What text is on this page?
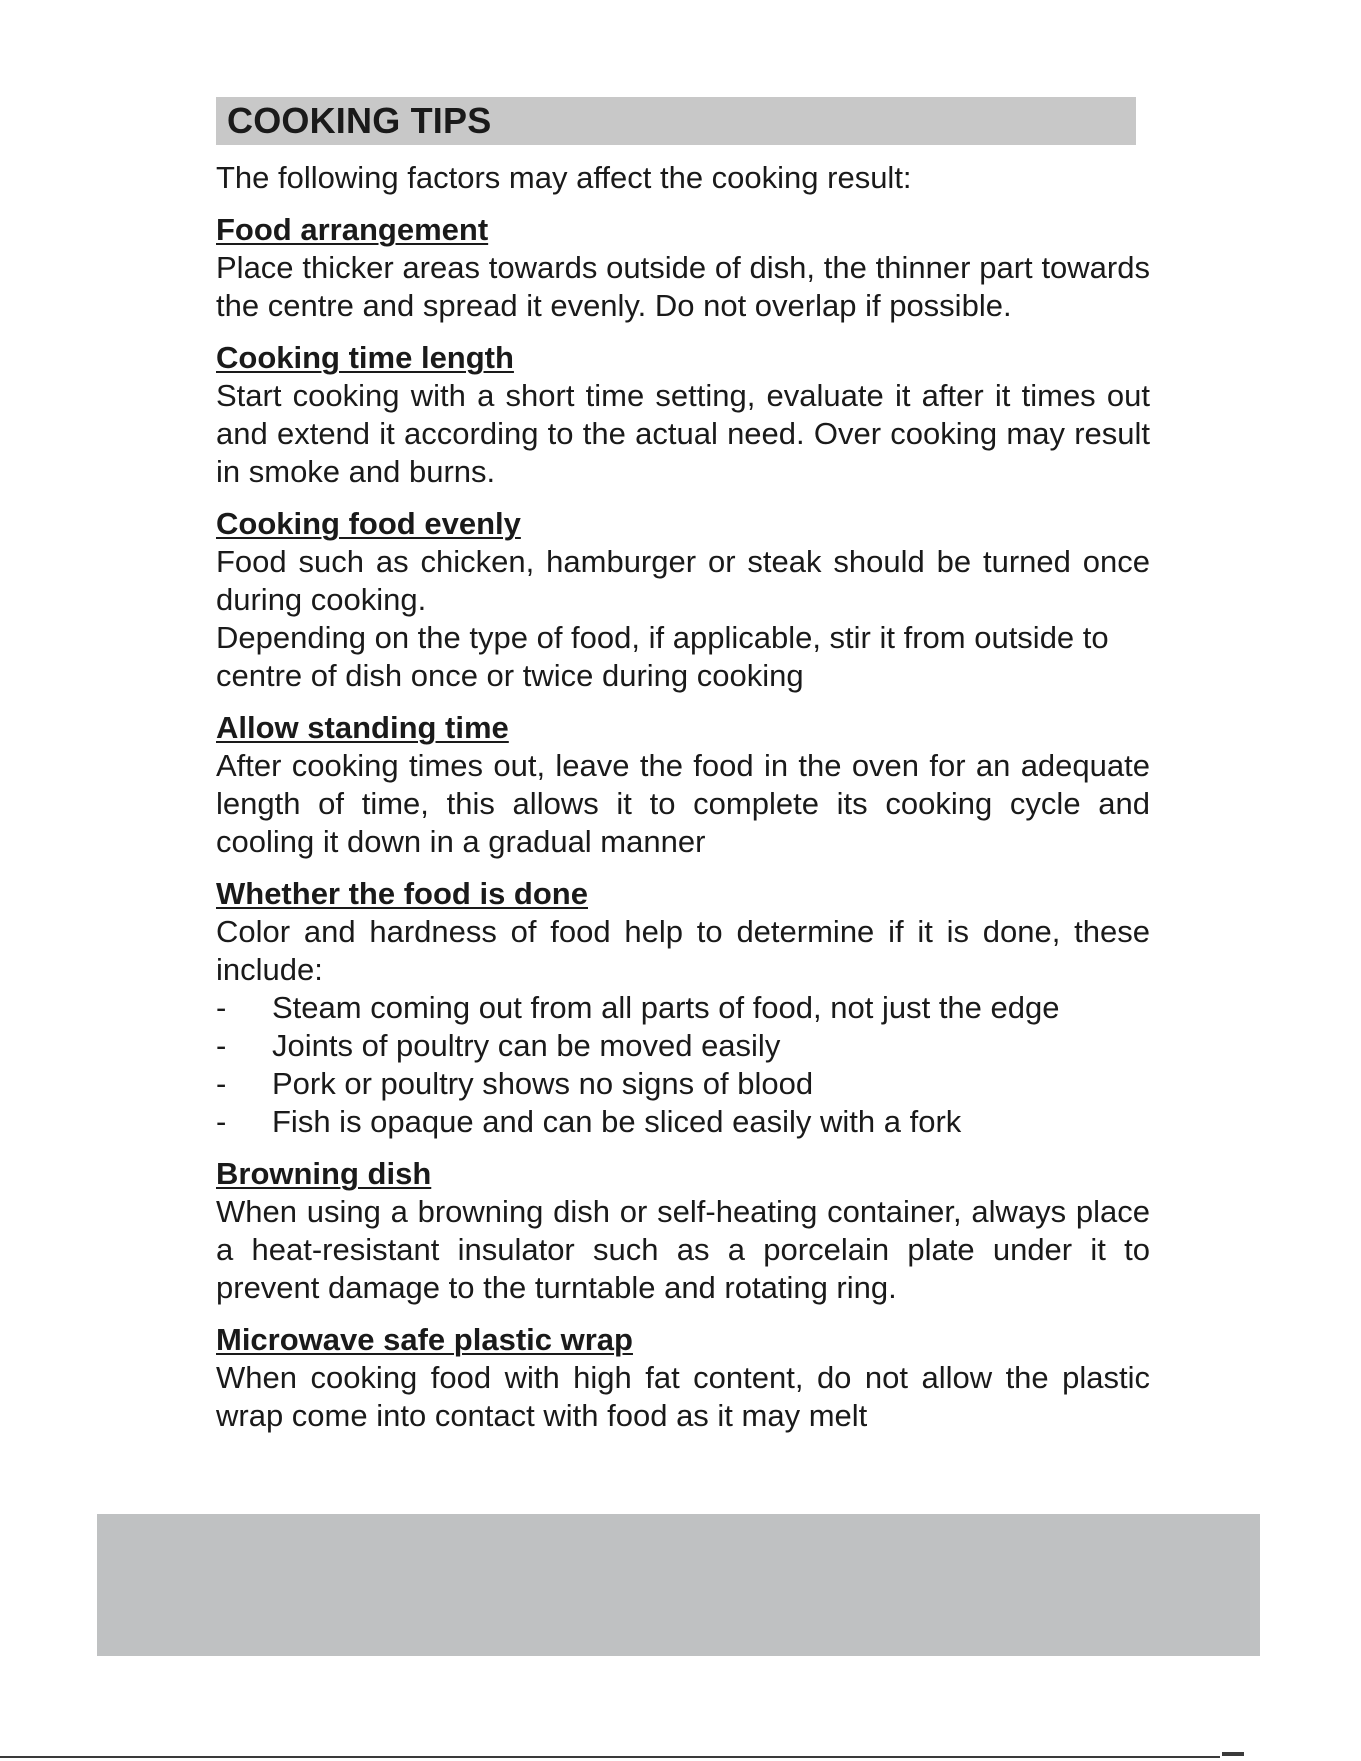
COOKING TIPS

The following factors may affect the cooking result:

Food arrangement

Place thicker areas towards outside of dish, the thinner part towards the centre and spread it evenly. Do not overlap if possible.

Cooking time length

Start cooking with a short time setting, evaluate it after it times out and extend it according to the actual need. Over cooking may result in smoke and burns.

Cooking food evenly

Food such as chicken, hamburger or steak should be turned once during cooking.

Depending on the type of food, if applicable, stir it from outside to centre of dish once or twice during cooking

Allow standing time

After cooking times out, leave the food in the oven for an adequate length of time, this allows it to complete its cooking cycle and cooling it down in a gradual manner

Whether the food is done

Color and hardness of food help to determine if it is done, these include:

-	Steam coming out from all parts of food, not just the edge
-	Joints of poultry can be moved easily
-	Pork or poultry shows no signs of blood
-	Fish is opaque and can be sliced easily with a fork
Browning dish

When using a browning dish or self-heating container, always place a heat-resistant insulator such as a porcelain plate under it to prevent damage to the turntable and rotating ring.

Microwave safe plastic wrap

When cooking food with high fat content, do not allow the plastic wrap come into contact with food as it may melt
